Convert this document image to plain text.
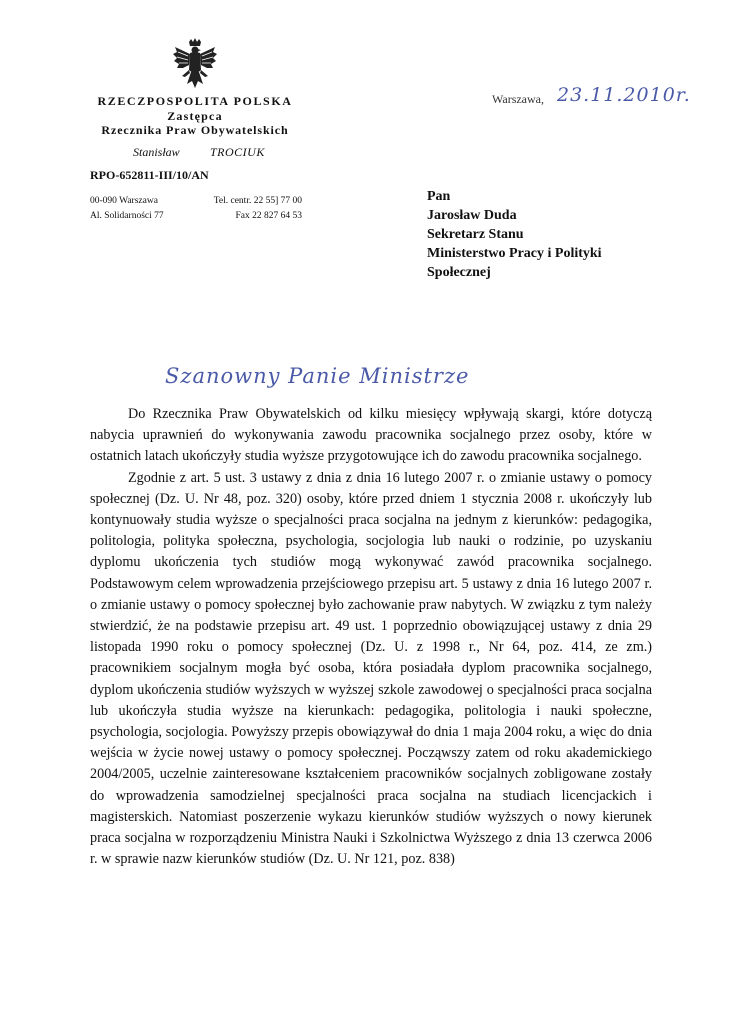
RZECZPOSPOLITA POLSKA
Zastępca
Rzecznika Praw Obywatelskich
Stanisław	TROCIUK
RPO-652811-III/10/AN
00-090 Warszawa
Al. Solidarności 77
Tel. centr. 22 55] 77 00
Fax 22 827 64 53
Warszawa, 23.11.2010r.
Pan
Jarosław Duda
Sekretarz Stanu
Ministerstwo Pracy i Polityki
Społecznej
Szanowny Panie Ministrze

Do Rzecznika Praw Obywatelskich od kilku miesięcy wpływają skargi, które dotyczą nabycia uprawnień do wykonywania zawodu pracownika socjalnego przez osoby, które w ostatnich latach ukończyły studia wyższe przygotowujące ich do zawodu pracownika socjalnego.

Zgodnie z art. 5 ust. 3 ustawy z dnia z dnia 16 lutego 2007 r. o zmianie ustawy o pomocy społecznej (Dz. U. Nr 48, poz. 320) osoby, które przed dniem 1 stycznia 2008 r. ukończyły lub kontynuowały studia wyższe o specjalności praca socjalna na jednym z kierunków: pedagogika, politologia, polityka społeczna, psychologia, socjologia lub nauki o rodzinie, po uzyskaniu dyplomu ukończenia tych studiów mogą wykonywać zawód pracownika socjalnego. Podstawowym celem wprowadzenia przejściowego przepisu art. 5 ustawy z dnia 16 lutego 2007 r. o zmianie ustawy o pomocy społecznej było zachowanie praw nabytych. W związku z tym należy stwierdzić, że na podstawie przepisu art. 49 ust. 1 poprzednio obowiązującej ustawy z dnia 29 listopada 1990 roku o pomocy społecznej (Dz. U. z 1998 r., Nr 64, poz. 414, ze zm.) pracownikiem socjalnym mogła być osoba, która posiadała dyplom pracownika socjalnego, dyplom ukończenia studiów wyższych w wyższej szkole zawodowej o specjalności praca socjalna lub ukończyła studia wyższe na kierunkach: pedagogika, politologia i nauki społeczne, psychologia, socjologia. Powyższy przepis obowiązywał do dnia 1 maja 2004 roku, a więc do dnia wejścia w życie nowej ustawy o pomocy społecznej. Począwszy zatem od roku akademickiego 2004/2005, uczelnie zainteresowane kształceniem pracowników socjalnych zobligowane zostały do wprowadzenia samodzielnej specjalności praca socjalna na studiach licencjackich i magisterskich. Natomiast poszerzenie wykazu kierunków studiów wyższych o nowy kierunek praca socjalna w rozporządzeniu Ministra Nauki i Szkolnictwa Wyższego z dnia 13 czerwca 2006 r. w sprawie nazw kierunków studiów (Dz. U. Nr 121, poz. 838)
